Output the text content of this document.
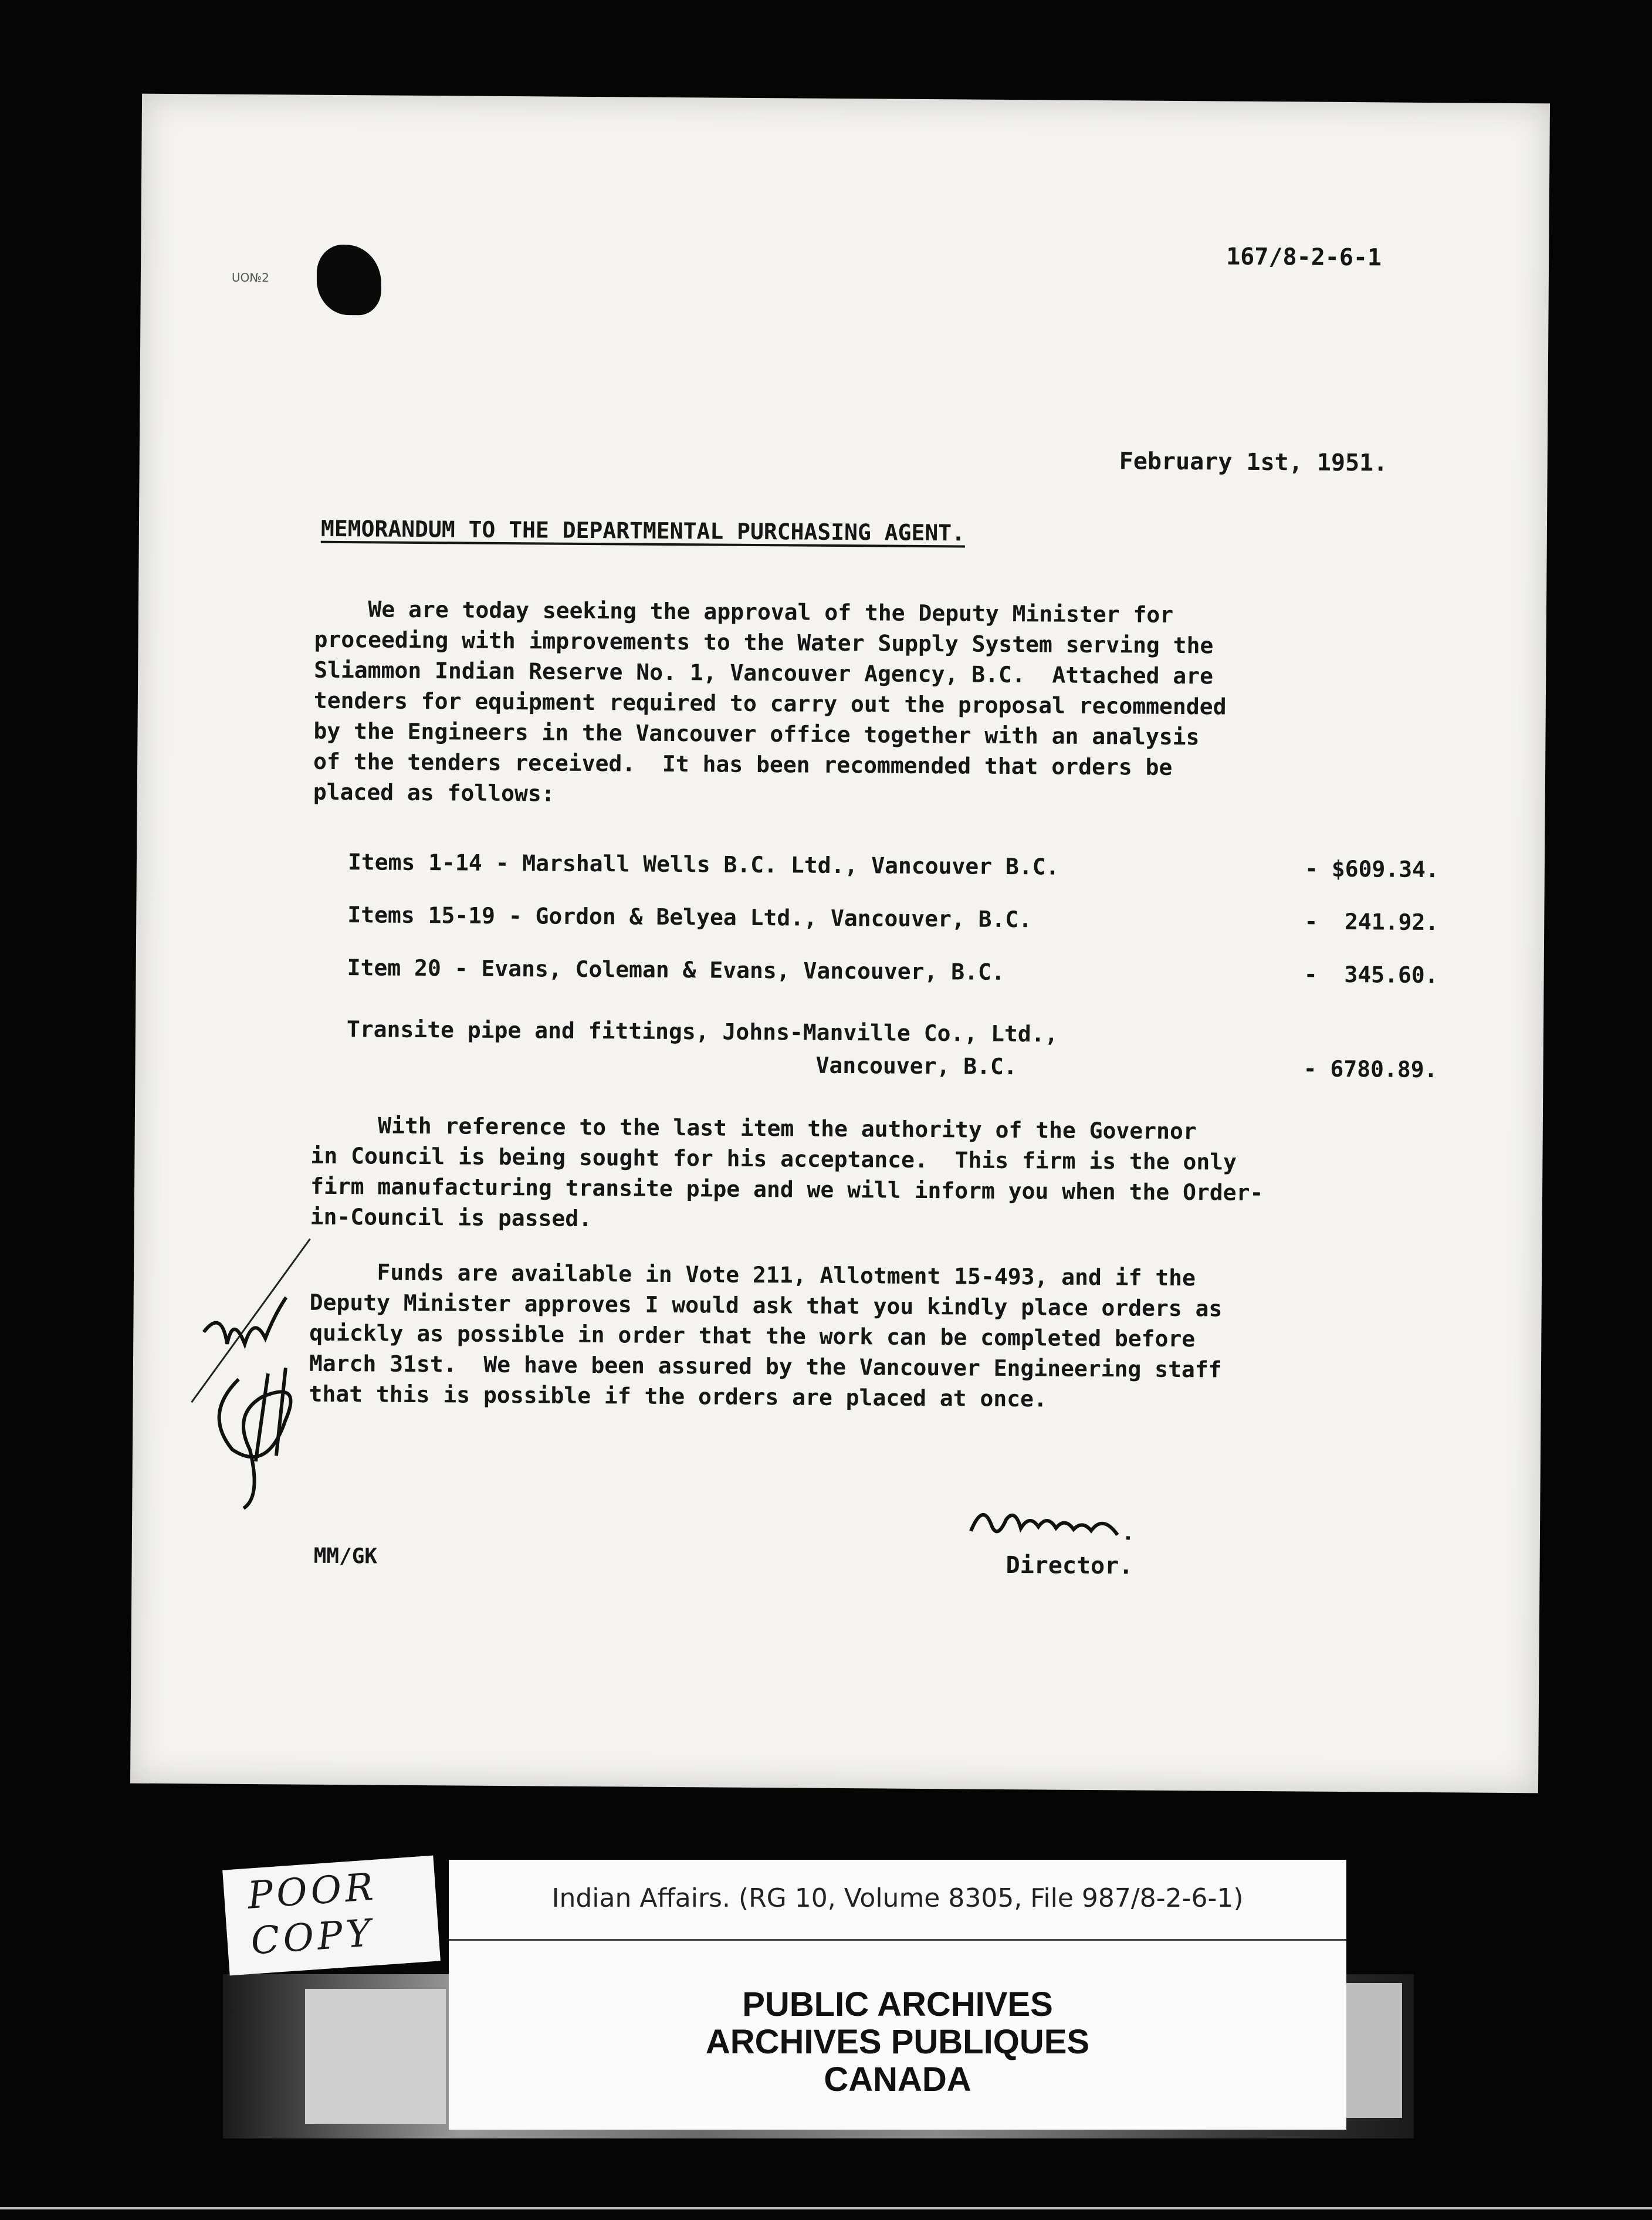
UO№2
167/8-2-6-1
February 1st, 1951.
MEMORANDUM TO THE DEPARTMENTAL PURCHASING AGENT.
We are today seeking the approval of the Deputy Minister for
proceeding with improvements to the Water Supply System serving the
Sliammon Indian Reserve No. 1, Vancouver Agency, B.C.  Attached are
tenders for equipment required to carry out the proposal recommended
by the Engineers in the Vancouver office together with an analysis
of the tenders received.  It has been recommended that orders be
placed as follows:
Items 1-14 - Marshall Wells B.C. Ltd., Vancouver B.C.	- $609.34.
Items 15-19 - Gordon & Belyea Ltd., Vancouver, B.C.	-  241.92.
Item 20 - Evans, Coleman & Evans, Vancouver, B.C.	-  345.60.
Transite pipe and fittings, Johns-Manville Co., Ltd.,
Vancouver, B.C.	- 6780.89.
With reference to the last item the authority of the Governor
in Council is being sought for his acceptance.  This firm is the only
firm manufacturing transite pipe and we will inform you when the Order-
in-Council is passed.
Funds are available in Vote 211, Allotment 15-493, and if the
Deputy Minister approves I would ask that you kindly place orders as
quickly as possible in order that the work can be completed before
March 31st.  We have been assured by the Vancouver Engineering staff
that this is possible if the orders are placed at once.
MM/GK	Director.
POOR
COPY
Indian Affairs. (RG 10, Volume 8305, File 987/8-2-6-1)
PUBLIC ARCHIVES
ARCHIVES PUBLIQUES
CANADA
